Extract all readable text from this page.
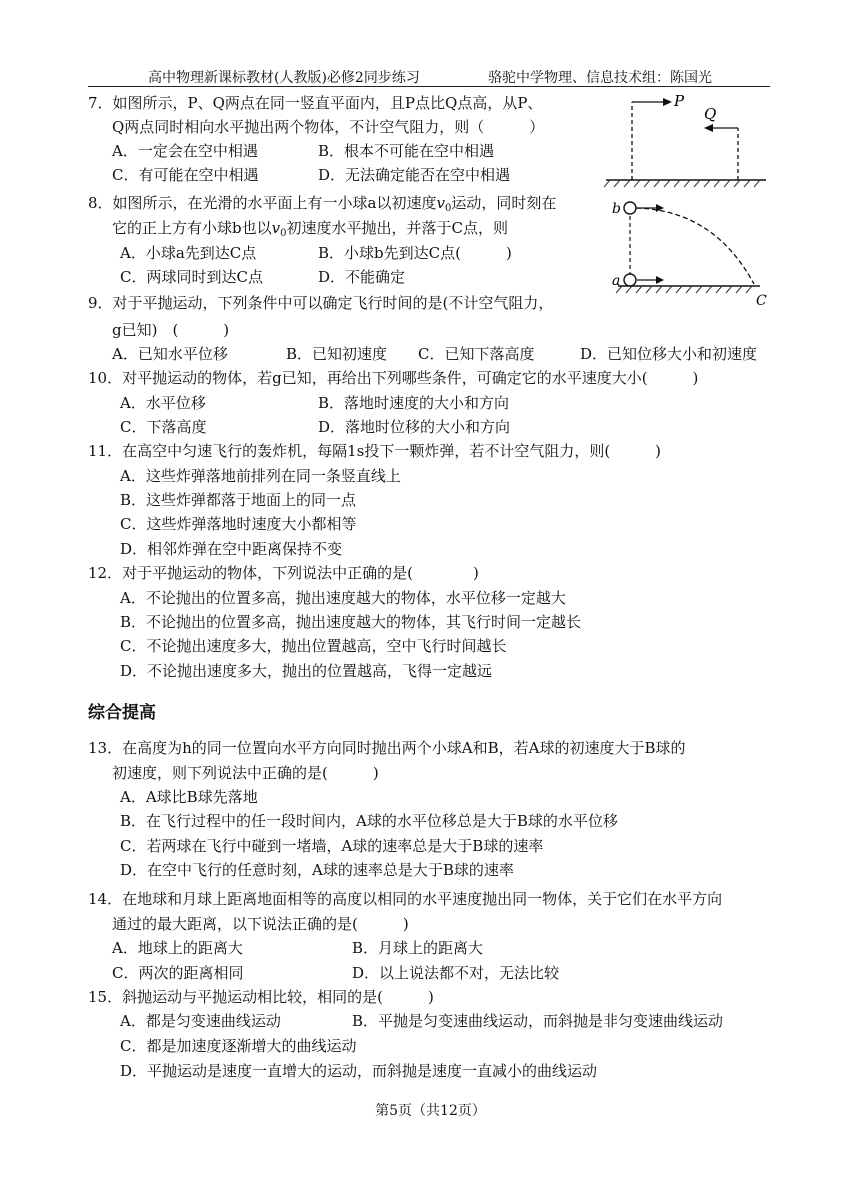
高中物理新课标教材(人教版)必修2同步练习	骆驼中学物理、信息技术组：陈国光
7．如图所示，P、Q两点在同一竖直平面内，且P点比Q点高，从P、
Q两点同时相向水平抛出两个物体，不计空气阻力，则（　　　）
A．一定会在空中相遇	B．根本不可能在空中相遇
C．有可能在空中相遇	D．无法确定能否在空中相遇
P
Q
8．如图所示，在光滑的水平面上有一小球a以初速度$v_0$运动，同时刻在
它的正上方有小球b也以$v_0$初速度水平抛出，并落于C点，则
A．小球a先到达C点	B．小球b先到达C点(　　　)
C．两球同时到达C点	D．不能确定
b
a
C
9．对于平抛运动，下列条件中可以确定飞行时间的是(不计空气阻力，
g已知)　(　　　)
A．已知水平位移	B．已知初速度 C．已知下落高度	D．已知位移大小和初速度
10．对平抛运动的物体，若g已知，再给出下列哪些条件，可确定它的水平速度大小(　　　)
A．水平位移	B．落地时速度的大小和方向
C．下落高度	D．落地时位移的大小和方向
11．在高空中匀速飞行的轰炸机，每隔1s投下一颗炸弹，若不计空气阻力，则(　　　)
A．这些炸弹落地前排列在同一条竖直线上
B．这些炸弹都落于地面上的同一点
C．这些炸弹落地时速度大小都相等
D．相邻炸弹在空中距离保持不变
12．对于平抛运动的物体，下列说法中正确的是(　　　　)
A．不论抛出的位置多高，抛出速度越大的物体，水平位移一定越大
B．不论抛出的位置多高，抛出速度越大的物体，其飞行时间一定越长
C．不论抛出速度多大，抛出位置越高，空中飞行时间越长
D．不论抛出速度多大，抛出的位置越高，飞得一定越远
综合提高
13．在高度为h的同一位置向水平方向同时抛出两个小球A和B，若A球的初速度大于B球的
初速度，则下列说法中正确的是(　　　)
A．A球比B球先落地
B．在飞行过程中的任一段时间内，A球的水平位移总是大于B球的水平位移
C．若两球在飞行中碰到一堵墙，A球的速率总是大于B球的速率
D．在空中飞行的任意时刻，A球的速率总是大于B球的速率
14．在地球和月球上距离地面相等的高度以相同的水平速度抛出同一物体，关于它们在水平方向
通过的最大距离，以下说法正确的是(　　　)
A．地球上的距离大	B．月球上的距离大
C．两次的距离相同	D．以上说法都不对，无法比较
15．斜抛运动与平抛运动相比较，相同的是(　　　)
A．都是匀变速曲线运动	B．平抛是匀变速曲线运动，而斜抛是非匀变速曲线运动
C．都是加速度逐渐增大的曲线运动
D．平抛运动是速度一直增大的运动，而斜抛是速度一直减小的曲线运动
第5页（共12页）
